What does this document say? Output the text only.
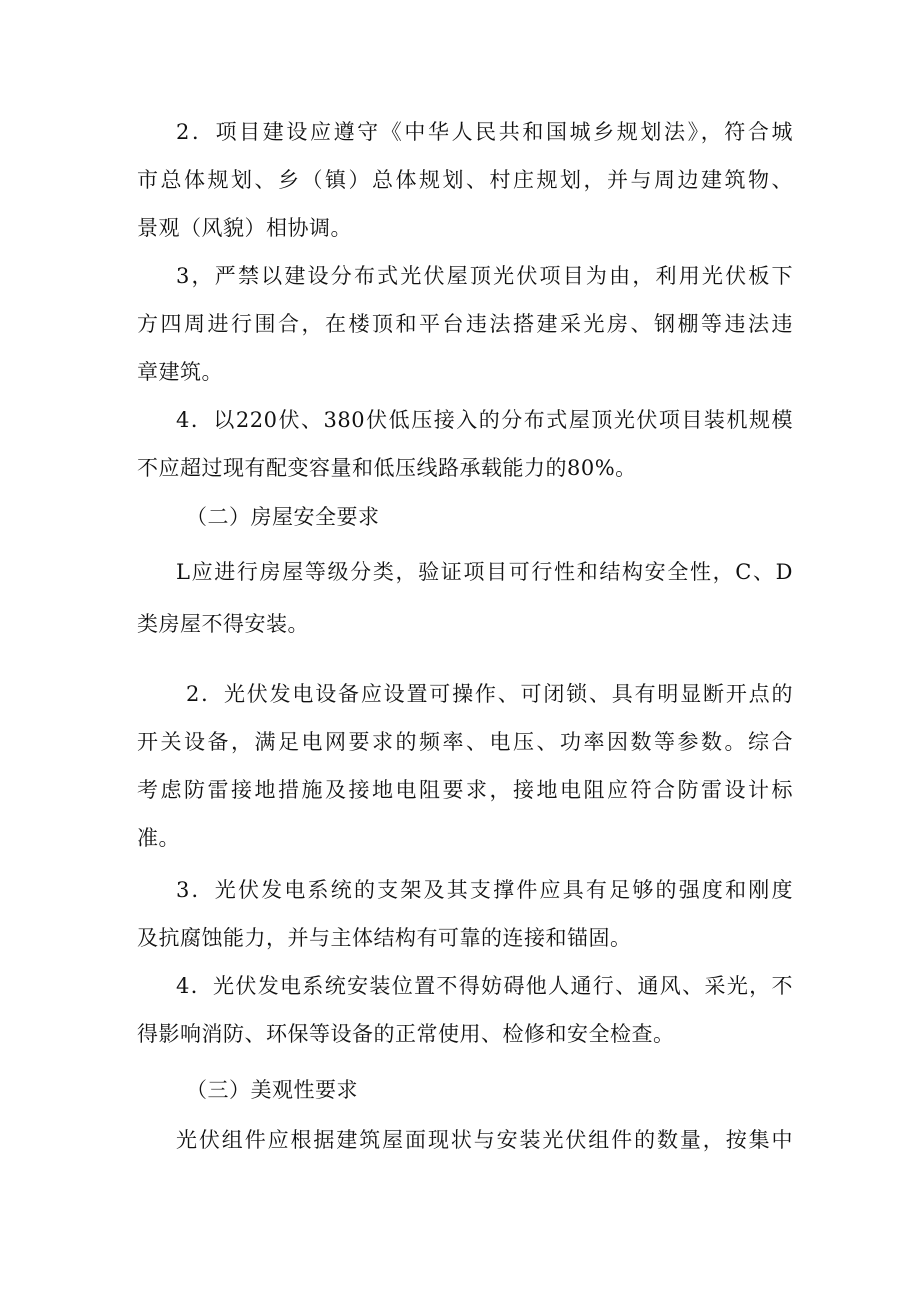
2．项目建设应遵守《中华人民共和国城乡规划法》，符合城
市总体规划、乡（镇）总体规划、村庄规划，并与周边建筑物、
景观（风貌）相协调。
3，严禁以建设分布式光伏屋顶光伏项目为由，利用光伏板下
方四周进行围合，在楼顶和平台违法搭建采光房、钢棚等违法违
章建筑。
4．以220伏、380伏低压接入的分布式屋顶光伏项目装机规模
不应超过现有配变容量和低压线路承载能力的80%。
（二）房屋安全要求
L应进行房屋等级分类，验证项目可行性和结构安全性，C、D
类房屋不得安装。
2．光伏发电设备应设置可操作、可闭锁、具有明显断开点的
开关设备，满足电网要求的频率、电压、功率因数等参数。综合
考虑防雷接地措施及接地电阻要求，接地电阻应符合防雷设计标
准。
3．光伏发电系统的支架及其支撑件应具有足够的强度和刚度
及抗腐蚀能力，并与主体结构有可靠的连接和锚固。
4．光伏发电系统安装位置不得妨碍他人通行、通风、采光，不
得影响消防、环保等设备的正常使用、检修和安全检查。
（三）美观性要求
光伏组件应根据建筑屋面现状与安装光伏组件的数量，按集中
